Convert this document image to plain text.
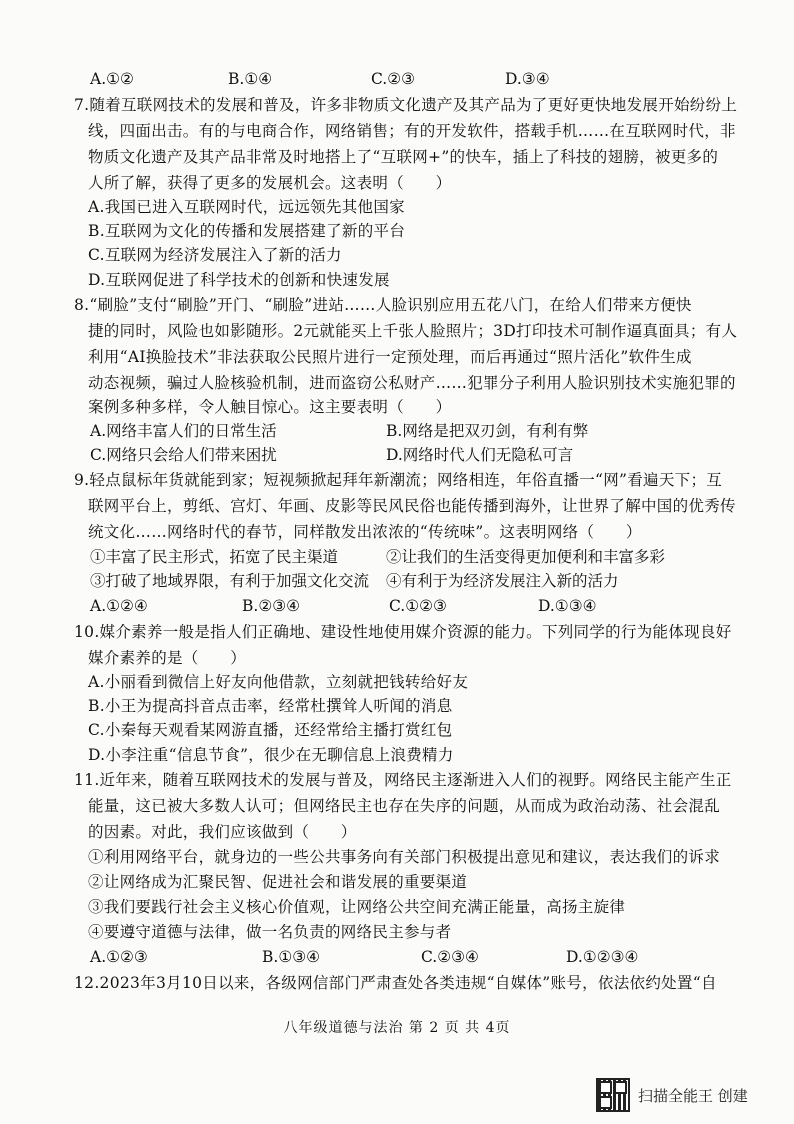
A.①②	B.①④	C.②③	D.③④
7.随着互联网技术的发展和普及，许多非物质文化遗产及其产品为了更好更快地发展开始纷纷上
线，四面出击。有的与电商合作，网络销售；有的开发软件，搭载手机……在互联网时代，非
物质文化遗产及其产品非常及时地搭上了“互联网+”的快车，插上了科技的翅膀，被更多的
人所了解，获得了更多的发展机会。这表明（　　）
A.我国已进入互联网时代，远远领先其他国家
B.互联网为文化的传播和发展搭建了新的平台
C.互联网为经济发展注入了新的活力
D.互联网促进了科学技术的创新和快速发展
8.“刷脸”支付“刷脸”开门、“刷脸”进站……人脸识别应用五花八门，在给人们带来方便快
捷的同时，风险也如影随形。2元就能买上千张人脸照片；3D打印技术可制作逼真面具；有人
利用“AI换脸技术”非法获取公民照片进行一定预处理，而后再通过“照片活化”软件生成
动态视频，骗过人脸核验机制，进而盗窃公私财产……犯罪分子利用人脸识别技术实施犯罪的
案例多种多样，令人触目惊心。这主要表明（　　）
A.网络丰富人们的日常生活	B.网络是把双刃剑，有利有弊
C.网络只会给人们带来困扰	D.网络时代人们无隐私可言
9.轻点鼠标年货就能到家；短视频掀起拜年新潮流；网络相连，年俗直播一“网”看遍天下；互
联网平台上，剪纸、宫灯、年画、皮影等民风民俗也能传播到海外，让世界了解中国的优秀传
统文化……网络时代的春节，同样散发出浓浓的“传统味”。这表明网络（　　）
①丰富了民主形式，拓宽了民主渠道	②让我们的生活变得更加便利和丰富多彩
③打破了地域界限，有利于加强文化交流 ④有利于为经济发展注入新的活力
A.①②④	B.②③④	C.①②③	D.①③④
10.媒介素养一般是指人们正确地、建设性地使用媒介资源的能力。下列同学的行为能体现良好
媒介素养的是（　　）
A.小丽看到微信上好友向他借款，立刻就把钱转给好友
B.小王为提高抖音点击率，经常杜撰耸人听闻的消息
C.小秦每天观看某网游直播，还经常给主播打赏红包
D.小李注重“信息节食”，很少在无聊信息上浪费精力
11.近年来，随着互联网技术的发展与普及，网络民主逐渐进入人们的视野。网络民主能产生正
能量，这已被大多数人认可；但网络民主也存在失序的问题，从而成为政治动荡、社会混乱
的因素。对此，我们应该做到（　　）
①利用网络平台，就身边的一些公共事务向有关部门积极提出意见和建议，表达我们的诉求
②让网络成为汇聚民智、促进社会和谐发展的重要渠道
③我们要践行社会主义核心价值观，让网络公共空间充满正能量，高扬主旋律
④要遵守道德与法律，做一名负责的网络民主参与者
A.①②③	B.①③④	C.②③④	D.①②③④
12.2023年3月10日以来，各级网信部门严肃查处各类违规“自媒体”账号，依法依约处置“自
八年级道德与法治 第 2 页 共 4页
扫描全能王 创建
